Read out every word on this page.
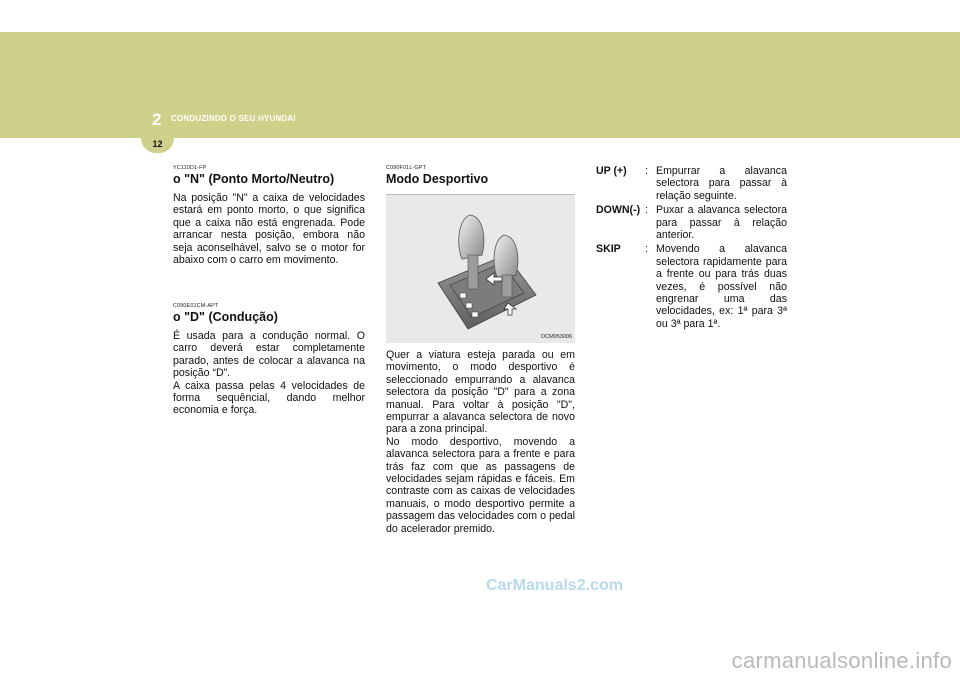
2 CONDUZINDO O SEU HYUNDAI
12
YC110D1-FP
o "N" (Ponto Morto/Neutro)

Na posição "N" a caixa de velocidades estará em ponto morto, o que significa que a caixa não está engrenada. Pode arrancar nesta posição, embora não seja aconselhável, salvo se o motor for abaixo com o carro em movimento.

C090E01CM-APT
o "D" (Condução)

É usada para a condução normal. O carro deverá estar completamente parado, antes de colocar a alavanca na posição “D”.
A caixa passa pelas 4 velocidades de forma sequêncial, dando melhor economia e força.

C090F01L-GPT
Modo Desportivo
OCM053006

Quer a viatura esteja parada ou em movimento, o modo desportivo é seleccionado empurrando a alavanca selectora da posição "D" para a zona manual. Para voltar à posição "D", empurrar a alavanca selectora de novo para a zona principal.
No modo desportivo, movendo a alavanca selectora para a frente e para trás faz com que as passagens de velocidades sejam rápidas e fáceis. Em contraste com as caixas de velocidades manuais, o modo desportivo permite a passagem das velocidades com o pedal do acelerador premido.

UP (+)	: Empurrar a alavanca selectora para passar à relação seguinte.
DOWN(-) : Puxar a alavanca selectora para passar à relação anterior.
SKIP	: Movendo a alavanca selectora rapidamente para a frente ou para trás duas vezes, é possível não engrenar uma das velocidades, ex: 1ª para 3ª ou 3ª para 1ª.
CarManuals2.com
carmanualsonline.info
